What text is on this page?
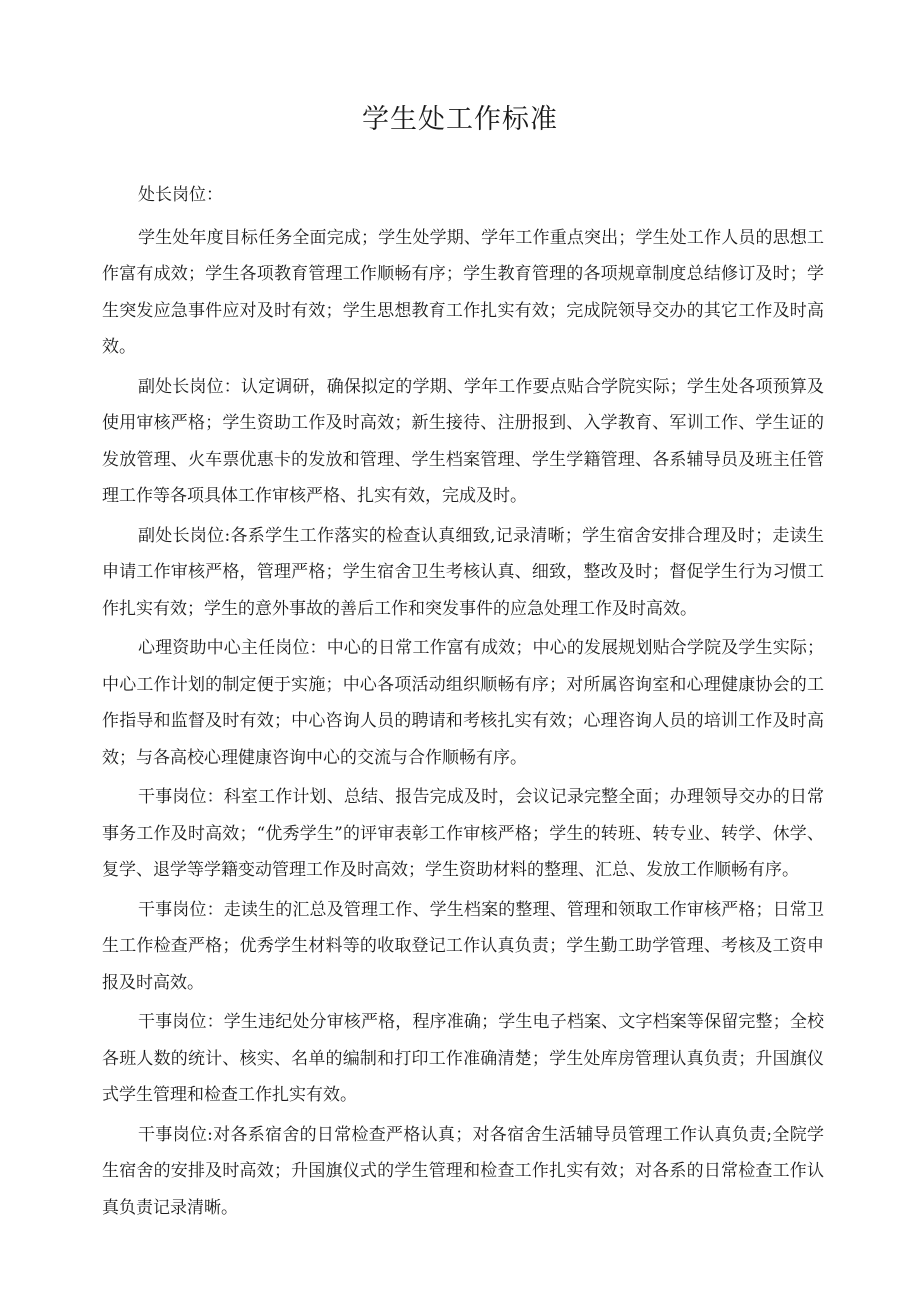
学生处工作标准

处长岗位：

学生处年度目标任务全面完成；学生处学期、学年工作重点突出；学生处工作人员的思想工作富有成效；学生各项教育管理工作顺畅有序；学生教育管理的各项规章制度总结修订及时；学生突发应急事件应对及时有效；学生思想教育工作扎实有效；完成院领导交办的其它工作及时高效。

副处长岗位：认定调研，确保拟定的学期、学年工作要点贴合学院实际；学生处各项预算及使用审核严格；学生资助工作及时高效；新生接待、注册报到、入学教育、军训工作、学生证的发放管理、火车票优惠卡的发放和管理、学生档案管理、学生学籍管理、各系辅导员及班主任管理工作等各项具体工作审核严格、扎实有效，完成及时。

副处长岗位:各系学生工作落实的检查认真细致,记录清晰；学生宿舍安排合理及时；走读生申请工作审核严格，管理严格；学生宿舍卫生考核认真、细致，整改及时；督促学生行为习惯工作扎实有效；学生的意外事故的善后工作和突发事件的应急处理工作及时高效。

心理资助中心主任岗位：中心的日常工作富有成效；中心的发展规划贴合学院及学生实际；中心工作计划的制定便于实施；中心各项活动组织顺畅有序；对所属咨询室和心理健康协会的工作指导和监督及时有效；中心咨询人员的聘请和考核扎实有效；心理咨询人员的培训工作及时高效；与各高校心理健康咨询中心的交流与合作顺畅有序。

干事岗位：科室工作计划、总结、报告完成及时，会议记录完整全面；办理领导交办的日常事务工作及时高效；“优秀学生”的评审表彰工作审核严格；学生的转班、转专业、转学、休学、复学、退学等学籍变动管理工作及时高效；学生资助材料的整理、汇总、发放工作顺畅有序。

干事岗位：走读生的汇总及管理工作、学生档案的整理、管理和领取工作审核严格；日常卫生工作检查严格；优秀学生材料等的收取登记工作认真负责；学生勤工助学管理、考核及工资申报及时高效。

干事岗位：学生违纪处分审核严格，程序准确；学生电子档案、文字档案等保留完整；全校各班人数的统计、核实、名单的编制和打印工作准确清楚；学生处库房管理认真负责；升国旗仪式学生管理和检查工作扎实有效。

干事岗位:对各系宿舍的日常检查严格认真；对各宿舍生活辅导员管理工作认真负责;全院学生宿舍的安排及时高效；升国旗仪式的学生管理和检查工作扎实有效；对各系的日常检查工作认真负责记录清晰。
